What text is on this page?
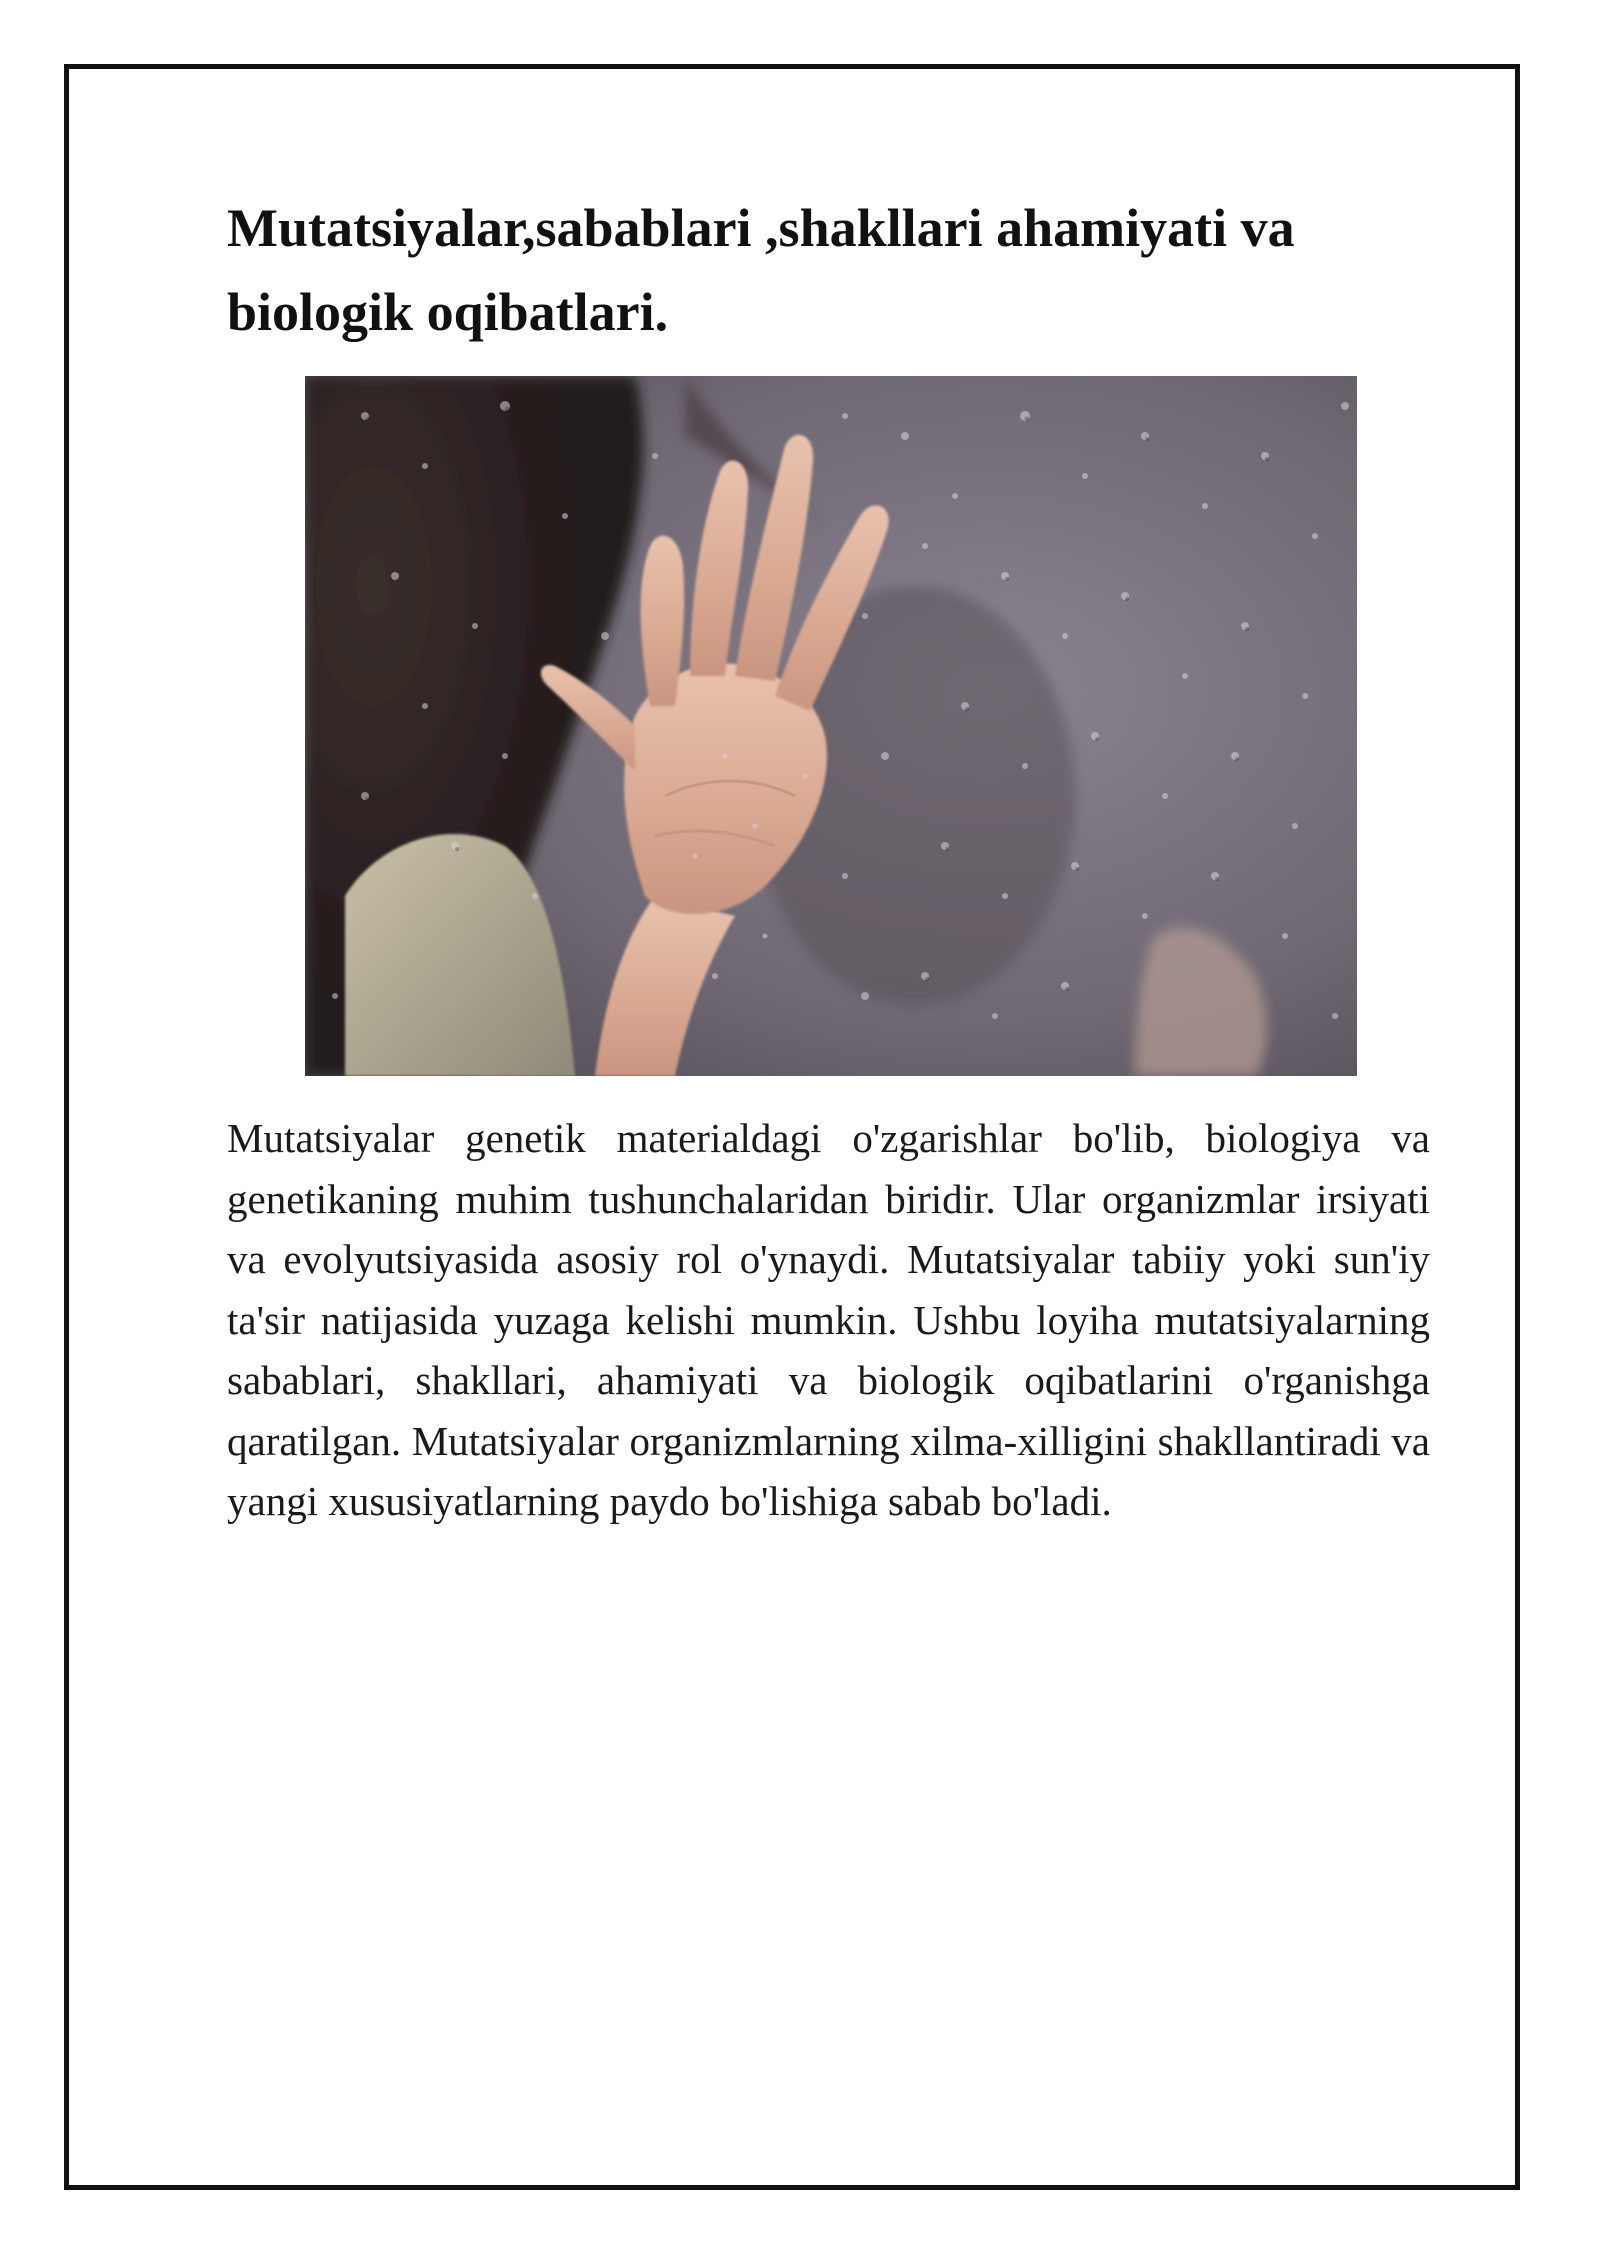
Mutatsiyalar,sabablari ,shakllari ahamiyati va biologik oqibatlari.

Mutatsiyalar genetik materialdagi o'zgarishlar bo'lib, biologiya va genetikaning muhim tushunchalaridan biridir. Ular organizmlar irsiyati va evolyutsiyasida asosiy rol o'ynaydi. Mutatsiyalar tabiiy yoki sun'iy ta'sir natijasida yuzaga kelishi mumkin. Ushbu loyiha mutatsiyalarning sabablari, shakllari, ahamiyati va biologik oqibatlarini o'rganishga qaratilgan. Mutatsiyalar organizmlarning xilma-xilligini shakllantiradi va yangi xususiyatlarning paydo bo'lishiga sabab bo'ladi.
